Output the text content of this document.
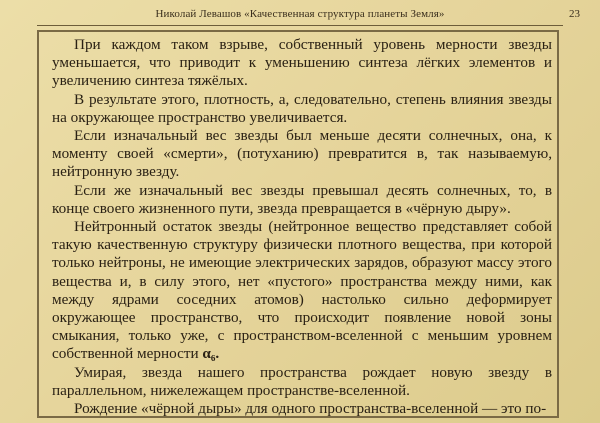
Николай Левашов «Качественная структура планеты Земля»	23

При каждом таком взрыве, собственный уровень мерности звезды уменьшается, что приводит к уменьшению синтеза лёгких элементов и увеличению синтеза тяжёлых.

В результате этого, плотность, а, следовательно, степень влияния звезды на окружающее пространство увеличивается.

Если изначальный вес звезды был меньше десяти солнечных, она, к моменту своей «смерти», (потуханию) превратится в, так называемую, нейтронную звезду.

Если же изначальный вес звезды превышал десять солнечных, то, в конце своего жизненного пути, звезда превращается в «чёрную дыру».

Нейтронный остаток звезды (нейтронное вещество представляет собой такую качественную структуру физически плотного вещества, при которой только нейтроны, не имеющие электрических зарядов, образуют массу этого вещества и, в силу этого, нет «пустого» пространства между ними, как между ядрами соседних атомов) настолько сильно деформирует окружающее пространство, что происходит появление новой зоны смыкания, только уже, с пространством-вселенной с меньшим уровнем собственной мерности α₆.

Умирая, звезда нашего пространства рождает новую звезду в параллельном, нижележащем пространстве-вселенной.

Рождение «чёрной дыры» для одного пространства-вселенной — это по-
